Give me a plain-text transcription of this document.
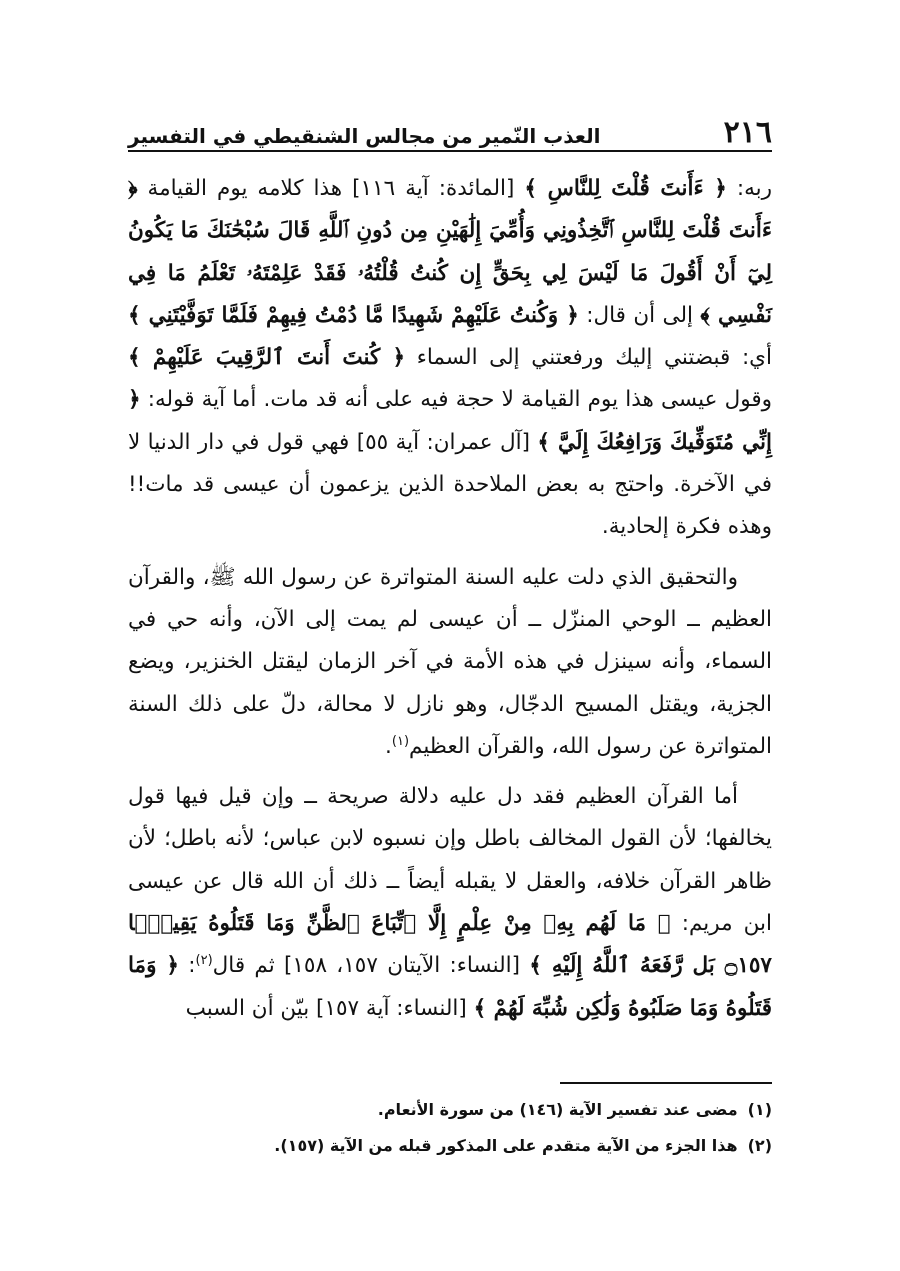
٢١٦
العذب النّمير من مجالس الشنقيطي في التفسير

ربه: ﴿ ءَأَنتَ قُلْتَ لِلنَّاسِ ﴾ [المائدة: آية ١١٦] هذا كلامه يوم القيامة ﴿ ءَأَنتَ قُلْتَ لِلنَّاسِ ٱتَّخِذُونِي وَأُمِّيَ إِلَٰهَيْنِ مِن دُونِ ٱللَّهِ قَالَ سُبْحَٰنَكَ مَا يَكُونُ لِيٓ أَنْ أَقُولَ مَا لَيْسَ لِي بِحَقٍّ إِن كُنتُ قُلْتُهُۥ فَقَدْ عَلِمْتَهُۥ تَعْلَمُ مَا فِي نَفْسِي ﴾ إلى أن قال: ﴿ وَكُنتُ عَلَيْهِمْ شَهِيدًا مَّا دُمْتُ فِيهِمْ فَلَمَّا تَوَفَّيْتَنِي ﴾ أي: قبضتني إليك ورفعتني إلى السماء ﴿ كُنتَ أَنتَ ٱلرَّقِيبَ عَلَيْهِمْ ﴾ وقول عيسى هذا يوم القيامة لا حجة فيه على أنه قد مات. أما آية قوله: ﴿ إِنِّي مُتَوَفِّيكَ وَرَافِعُكَ إِلَيَّ ﴾ [آل عمران: آية ٥٥] فهي قول في دار الدنيا لا في الآخرة. واحتج به بعض الملاحدة الذين يزعمون أن عيسى قد مات!! وهذه فكرة إلحادية.

والتحقيق الذي دلت عليه السنة المتواترة عن رسول الله ﷺ، والقرآن العظيم ــ الوحي المنزّل ــ أن عيسى لم يمت إلى الآن، وأنه حي في السماء، وأنه سينزل في هذه الأمة في آخر الزمان ليقتل الخنزير، ويضع الجزية، ويقتل المسيح الدجّال، وهو نازل لا محالة، دلّ على ذلك السنة المتواترة عن رسول الله، والقرآن العظيم$^{(١)}$.

أما القرآن العظيم فقد دل عليه دلالة صريحة ــ وإن قيل فيها قول يخالفها؛ لأن القول المخالف باطل وإن نسبوه لابن عباس؛ لأنه باطل؛ لأن ظاهر القرآن خلافه، والعقل لا يقبله أيضاً ــ ذلك أن الله قال عن عيسى ابن مريم: ﴿ مَا لَهُم بِهِۦ مِنْ عِلْمٍ إِلَّا ٱتِّبَاعَ ٱلظَّنِّ وَمَا قَتَلُوهُ يَقِينًۢا ۝١٥٧ بَل رَّفَعَهُ ٱللَّهُ إِلَيْهِ ﴾ [النساء: الآيتان ١٥٧، ١٥٨] ثم قال$^{(٢)}$: ﴿ وَمَا قَتَلُوهُ وَمَا صَلَبُوهُ وَلَٰكِن شُبِّهَ لَهُمْ ﴾ [النساء: آية ١٥٧] بيّن أن السبب

(١)مضى عند تفسير الآية (١٤٦) من سورة الأنعام.
(٢)هذا الجزء من الآية متقدم على المذكور قبله من الآية (١٥٧).
